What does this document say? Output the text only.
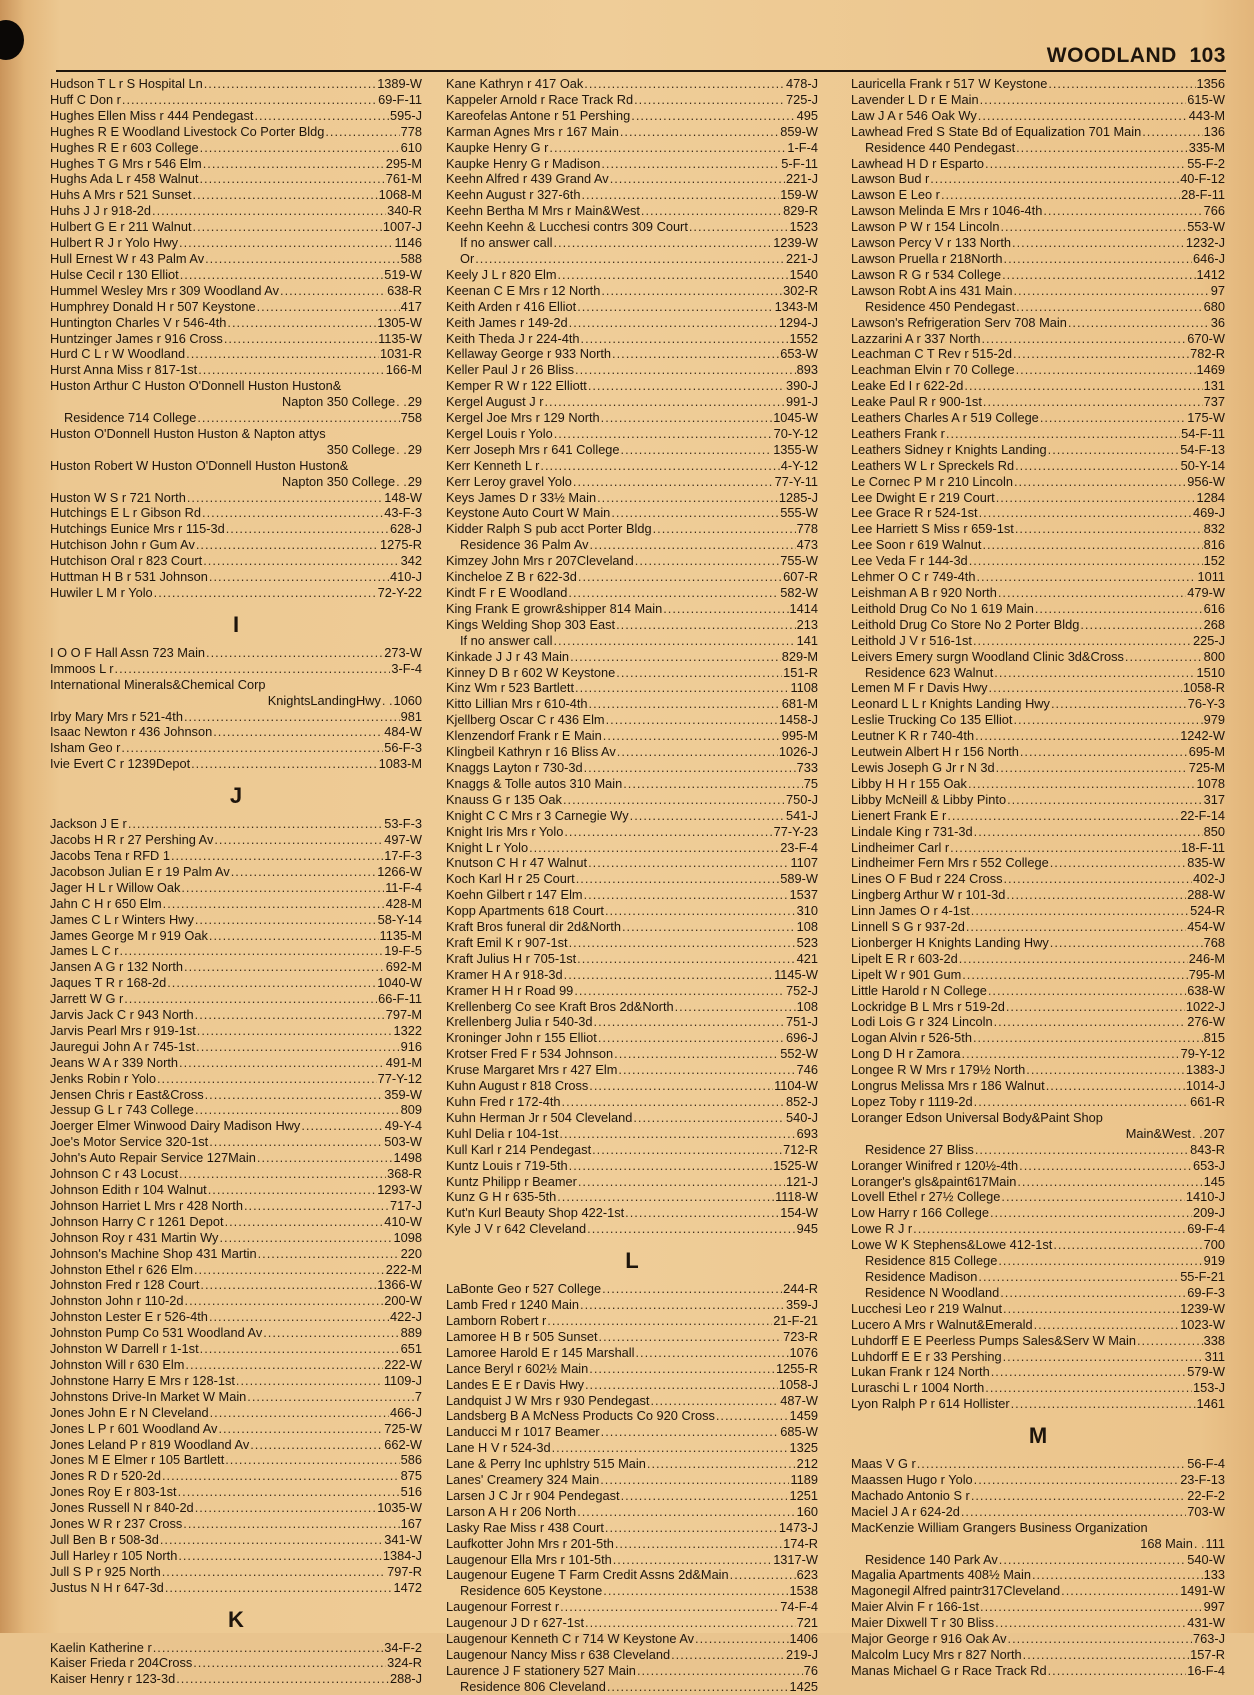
WOODLAND 103
Hudson T L r S Hospital Ln .....	1389-W
Huff C Don r .....	69-F-11
Hughes Ellen Miss r 444 Pendegast .....	595-J
Hughes R E Woodland Livestock Co Porter Bldg .....	778
Hughes R E r 603 College .....	610
Hughes T G Mrs r 546 Elm .....	295-M
Hughs Ada L r 458 Walnut .....	761-M
Huhs A Mrs r 521 Sunset .....	1068-M
Huhs J J r 918-2d .....	340-R
Hulbert G E r 211 Walnut .....	1007-J
Hulbert R J r Yolo Hwy .....	1146
Hull Ernest W r 43 Palm Av .....	588
Hulse Cecil r 130 Elliot .....	519-W
Hummel Wesley Mrs r 309 Woodland Av .....	638-R
Humphrey Donald H r 507 Keystone .....	417
Huntington Charles V r 546-4th .....	1305-W
Huntzinger James r 916 Cross .....	1135-W
Hurd C L r W Woodland .....	1031-R
Hurst Anna Miss r 817-1st .....	166-M
Huston Arthur C Huston O'Donnell Huston Huston&
Napton 350 College . . 29
Residence 714 College .....	758
Huston O'Donnell Huston Huston & Napton attys
350 College . . 29
Huston Robert W Huston O'Donnell Huston Huston&
Napton 350 College . . 29
Huston W S r 721 North .....	148-W
Hutchings E L r Gibson Rd .....	43-F-3
Hutchings Eunice Mrs r 115-3d .....	628-J
Hutchison John r Gum Av .....	1275-R
Hutchison Oral r 823 Court .....	342
Huttman H B r 531 Johnson .....	410-J
Huwiler L M r Yolo .....	72-Y-22
I
I O O F Hall Assn 723 Main .....	273-W
Immoos L r .....	3-F-4
International Minerals&Chemical Corp
KnightsLandingHwy . . 1060
Irby Mary Mrs r 521-4th .....	981
Isaac Newton r 436 Johnson .....	484-W
Isham Geo r .....	56-F-3
Ivie Evert C r 1239Depot .....	1083-M
J
Jackson J E r .....	53-F-3
Jacobs H R r 27 Pershing Av .....	497-W
Jacobs Tena r RFD 1 .....	17-F-3
Jacobson Julian E r 19 Palm Av .....	1266-W
Jager H L r Willow Oak .....	11-F-4
Jahn C H r 650 Elm .....	428-M
James C L r Winters Hwy .....	58-Y-14
James George M r 919 Oak .....	1135-M
James L C r .....	19-F-5
Jansen A G r 132 North .....	692-M
Jaques T R r 168-2d .....	1040-W
Jarrett W G r .....	66-F-11
Jarvis Jack C r 943 North .....	797-M
Jarvis Pearl Mrs r 919-1st .....	1322
Jauregui John A r 745-1st .....	916
Jeans W A r 339 North .....	491-M
Jenks Robin r Yolo .....	77-Y-12
Jensen Chris r East&Cross .....	359-W
Jessup G L r 743 College .....	809
Joerger Elmer Winwood Dairy Madison Hwy .....	49-Y-4
Joe's Motor Service 320-1st .....	503-W
John's Auto Repair Service 127Main .....	1498
Johnson C r 43 Locust .....	368-R
Johnson Edith r 104 Walnut .....	1293-W
Johnson Harriet L Mrs r 428 North .....	717-J
Johnson Harry C r 1261 Depot .....	410-W
Johnson Roy r 431 Martin Wy .....	1098
Johnson's Machine Shop 431 Martin .....	220
Johnston Ethel r 626 Elm .....	222-M
Johnston Fred r 128 Court .....	1366-W
Johnston John r 110-2d .....	200-W
Johnston Lester E r 526-4th .....	422-J
Johnston Pump Co 531 Woodland Av .....	889
Johnston W Darrell r 1-1st .....	651
Johnston Will r 630 Elm .....	222-W
Johnstone Harry E Mrs r 128-1st .....	1109-J
Johnstons Drive-In Market W Main .....	7
Jones John E r N Cleveland .....	466-J
Jones L P r 601 Woodland Av .....	725-W
Jones Leland P r 819 Woodland Av .....	662-W
Jones M E Elmer r 105 Bartlett .....	586
Jones R D r 520-2d .....	875
Jones Roy E r 803-1st .....	516
Jones Russell N r 840-2d .....	1035-W
Jones W R r 237 Cross .....	167
Jull Ben B r 508-3d .....	341-W
Jull Harley r 105 North .....	1384-J
Jull S P r 925 North .....	797-R
Justus N H r 647-3d .....	1472
K
Kaelin Katherine r .....	34-F-2
Kaiser Frieda r 204Cross .....	324-R
Kaiser Henry r 123-3d .....	288-J
Kane Kathryn r 417 Oak .....	478-J
Kappeler Arnold r Race Track Rd .....	725-J
Kareofelas Antone r 51 Pershing .....	495
Karman Agnes Mrs r 167 Main .....	859-W
Kaupke Henry G r .....	1-F-4
Kaupke Henry G r Madison .....	5-F-11
Keehn Alfred r 439 Grand Av .....	221-J
Keehn August r 327-6th .....	159-W
Keehn Bertha M Mrs r Main&West .....	829-R
Keehn Keehn & Lucchesi contrs 309 Court .....	1523
If no answer call .....	1239-W
Or .....	221-J
Keely J L r 820 Elm .....	1540
Keenan C E Mrs r 12 North .....	302-R
Keith Arden r 416 Elliot .....	1343-M
Keith James r 149-2d .....	1294-J
Keith Theda J r 224-4th .....	1552
Kellaway George r 933 North .....	653-W
Keller Paul J r 26 Bliss .....	893
Kemper R W r 122 Elliott .....	390-J
Kergel August J r .....	991-J
Kergel Joe Mrs r 129 North .....	1045-W
Kergel Louis r Yolo .....	70-Y-12
Kerr Joseph Mrs r 641 College .....	1355-W
Kerr Kenneth L r .....	4-Y-12
Kerr Leroy gravel Yolo .....	77-Y-11
Keys James D r 33½ Main .....	1285-J
Keystone Auto Court W Main .....	555-W
Kidder Ralph S pub acct Porter Bldg .....	778
Residence 36 Palm Av .....	473
Kimzey John Mrs r 207Cleveland .....	755-W
Kincheloe Z B r 622-3d .....	607-R
Kindt F r E Woodland .....	582-W
King Frank E growr&shipper 814 Main .....	1414
Kings Welding Shop 303 East .....	213
If no answer call .....	141
Kinkade J J r 43 Main .....	829-M
Kinney D B r 602 W Keystone .....	151-R
Kinz Wm r 523 Bartlett .....	1108
Kitto Lillian Mrs r 610-4th .....	681-M
Kjellberg Oscar C r 436 Elm .....	1458-J
Klenzendorf Frank r E Main .....	995-M
Klingbeil Kathryn r 16 Bliss Av .....	1026-J
Knaggs Layton r 730-3d .....	733
Knaggs & Tolle autos 310 Main .....	75
Knauss G r 135 Oak .....	750-J
Knight C C Mrs r 3 Carnegie Wy .....	541-J
Knight Iris Mrs r Yolo .....	77-Y-23
Knight L r Yolo .....	23-F-4
Knutson C H r 47 Walnut .....	1107
Koch Karl H r 25 Court .....	589-W
Koehn Gilbert r 147 Elm .....	1537
Kopp Apartments 618 Court .....	310
Kraft Bros funeral dir 2d&North .....	108
Kraft Emil K r 907-1st .....	523
Kraft Julius H r 705-1st .....	421
Kramer H A r 918-3d .....	1145-W
Kramer H H r Road 99 .....	752-J
Krellenberg Co see Kraft Bros 2d&North .....	108
Krellenberg Julia r 540-3d .....	751-J
Kroninger John r 155 Elliot .....	696-J
Krotser Fred F r 534 Johnson .....	552-W
Kruse Margaret Mrs r 427 Elm .....	746
Kuhn August r 818 Cross .....	1104-W
Kuhn Fred r 172-4th .....	852-J
Kuhn Herman Jr r 504 Cleveland .....	540-J
Kuhl Delia r 104-1st .....	693
Kull Karl r 214 Pendegast .....	712-R
Kuntz Louis r 719-5th .....	1525-W
Kuntz Philipp r Beamer .....	121-J
Kunz G H r 635-5th .....	1118-W
Kut'n Kurl Beauty Shop 422-1st .....	154-W
Kyle J V r 642 Cleveland .....	945
L
LaBonte Geo r 527 College .....	244-R
Lamb Fred r 1240 Main .....	359-J
Lamborn Robert r .....	21-F-21
Lamoree H B r 505 Sunset .....	723-R
Lamoree Harold E r 145 Marshall .....	1076
Lance Beryl r 602½ Main .....	1255-R
Landes E E r Davis Hwy .....	1058-J
Landquist J W Mrs r 930 Pendegast .....	487-W
Landsberg B A McNess Products Co 920 Cross .....	1459
Landucci M r 1017 Beamer .....	685-W
Lane H V r 524-3d .....	1325
Lane & Perry Inc uphlstry 515 Main .....	212
Lanes' Creamery 324 Main .....	1189
Larsen J C Jr r 904 Pendegast .....	1251
Larson A H r 206 North .....	160
Lasky Rae Miss r 438 Court .....	1473-J
Laufkotter John Mrs r 201-5th .....	174-R
Laugenour Ella Mrs r 101-5th .....	1317-W
Laugenour Eugene T Farm Credit Assns 2d&Main .....	623
Residence 605 Keystone .....	1538
Laugenour Forrest r .....	74-F-4
Laugenour J D r 627-1st .....	721
Laugenour Kenneth C r 714 W Keystone Av .....	1406
Laugenour Nancy Miss r 638 Cleveland .....	219-J
Laurence J F stationery 527 Main .....	76
Residence 806 Cleveland .....	1425
Lauricella Frank r 517 W Keystone .....	1356
Lavender L D r E Main .....	615-W
Law J A r 546 Oak Wy .....	443-M
Lawhead Fred S State Bd of Equalization 701 Main .....	136
Residence 440 Pendegast .....	335-M
Lawhead H D r Esparto .....	55-F-2
Lawson Bud r .....	40-F-12
Lawson E Leo r .....	28-F-11
Lawson Melinda E Mrs r 1046-4th .....	766
Lawson P W r 154 Lincoln .....	553-W
Lawson Percy V r 133 North .....	1232-J
Lawson Pruella r 218North .....	646-J
Lawson R G r 534 College .....	1412
Lawson Robt A ins 431 Main .....	97
Residence 450 Pendegast .....	680
Lawson's Refrigeration Serv 708 Main .....	36
Lazzarini A r 337 North .....	670-W
Leachman C T Rev r 515-2d .....	782-R
Leachman Elvin r 70 College .....	1469
Leake Ed I r 622-2d .....	131
Leake Paul R r 900-1st .....	737
Leathers Charles A r 519 College .....	175-W
Leathers Frank r .....	54-F-11
Leathers Sidney r Knights Landing .....	54-F-13
Leathers W L r Spreckels Rd .....	50-Y-14
Le Cornec P M r 210 Lincoln .....	956-W
Lee Dwight E r 219 Court .....	1284
Lee Grace R r 524-1st .....	469-J
Lee Harriett S Miss r 659-1st .....	832
Lee Soon r 619 Walnut .....	816
Lee Veda F r 144-3d .....	152
Lehmer O C r 749-4th .....	1011
Leishman A B r 920 North .....	479-W
Leithold Drug Co No 1 619 Main .....	616
Leithold Drug Co Store No 2 Porter Bldg .....	268
Leithold J V r 516-1st .....	225-J
Leivers Emery surgn Woodland Clinic 3d&Cross .....	800
Residence 623 Walnut .....	1510
Lemen M F r Davis Hwy .....	1058-R
Leonard L L r Knights Landing Hwy .....	76-Y-3
Leslie Trucking Co 135 Elliot .....	979
Leutner K R r 740-4th .....	1242-W
Leutwein Albert H r 156 North .....	695-M
Lewis Joseph G Jr r N 3d .....	725-M
Libby H H r 155 Oak .....	1078
Libby McNeill & Libby Pinto .....	317
Lienert Frank E r .....	22-F-14
Lindale King r 731-3d .....	850
Lindheimer Carl r .....	18-F-11
Lindheimer Fern Mrs r 552 College .....	835-W
Lines O F Bud r 224 Cross .....	402-J
Lingberg Arthur W r 101-3d .....	288-W
Linn James O r 4-1st .....	524-R
Linnell S G r 937-2d .....	454-W
Lionberger H Knights Landing Hwy .....	768
Lipelt E R r 603-2d .....	246-M
Lipelt W r 901 Gum .....	795-M
Little Harold r N College .....	638-W
Lockridge B L Mrs r 519-2d .....	1022-J
Lodi Lois G r 324 Lincoln .....	276-W
Logan Alvin r 526-5th .....	815
Long D H r Zamora .....	79-Y-12
Longee R W Mrs r 179½ North .....	1383-J
Longrus Melissa Mrs r 186 Walnut .....	1014-J
Lopez Toby r 1119-2d .....	661-R
Loranger Edson Universal Body&Paint Shop
Main&West . . 207
Residence 27 Bliss .....	843-R
Loranger Winifred r 120½-4th .....	653-J
Loranger's gls&paint617Main .....	145
Lovell Ethel r 27½ College .....	1410-J
Low Harry r 166 College .....	209-J
Lowe R J r .....	69-F-4
Lowe W K Stephens&Lowe 412-1st .....	700
Residence 815 College .....	919
Residence Madison .....	55-F-21
Residence N Woodland .....	69-F-3
Lucchesi Leo r 219 Walnut .....	1239-W
Lucero A Mrs r Walnut&Emerald .....	1023-W
Luhdorff E E Peerless Pumps Sales&Serv W Main .....	338
Luhdorff E E r 33 Pershing .....	311
Lukan Frank r 124 North .....	579-W
Luraschi L r 1004 North .....	153-J
Lyon Ralph P r 614 Hollister .....	1461
M
Maas V G r .....	56-F-4
Maassen Hugo r Yolo .....	23-F-13
Machado Antonio S r .....	22-F-2
Maciel J A r 624-2d .....	703-W
MacKenzie William Grangers Business Organization
168 Main . . 111
Residence 140 Park Av .....	540-W
Magalia Apartments 408½ Main .....	133
Magonegil Alfred paintr317Cleveland .....	1491-W
Maier Alvin F r 166-1st .....	997
Maier Dixwell T r 30 Bliss .....	431-W
Major George r 916 Oak Av .....	763-J
Malcolm Lucy Mrs r 827 North .....	157-R
Manas Michael G r Race Track Rd .....	16-F-4
